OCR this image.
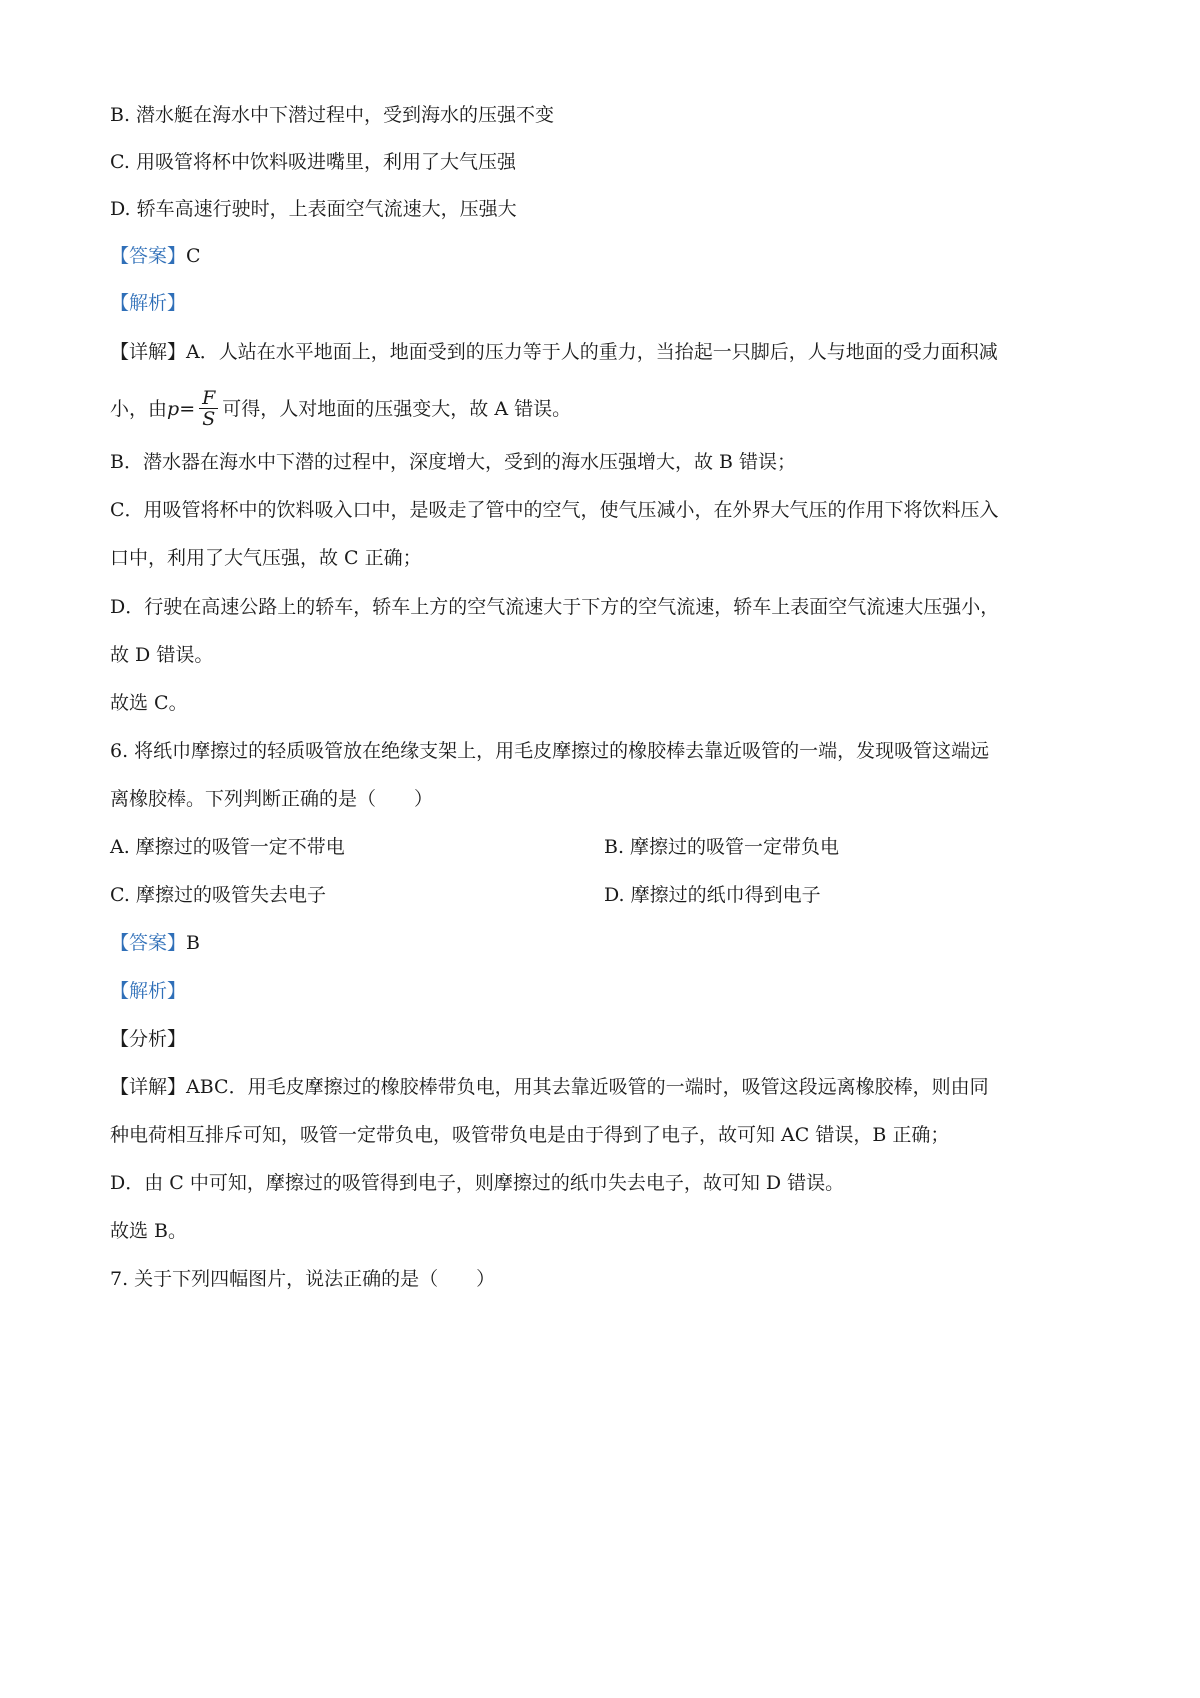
B. 潜水艇在海水中下潜过程中，受到海水的压强不变
C. 用吸管将杯中饮料吸进嘴里，利用了大气压强
D. 轿车高速行驶时，上表面空气流速大，压强大
【答案】C
【解析】
【详解】A．人站在水平地面上，地面受到的压力等于人的重力，当抬起一只脚后，人与地面的受力面积减
小，由$p= \frac{F}{S}$ 可得，人对地面的压强变大，故 A 错误。
B．潜水器在海水中下潜的过程中，深度增大，受到的海水压强增大，故 B 错误；
C．用吸管将杯中的饮料吸入口中，是吸走了管中的空气，使气压减小，在外界大气压的作用下将饮料压入
口中，利用了大气压强，故 C 正确；
D．行驶在高速公路上的轿车，轿车上方的空气流速大于下方的空气流速，轿车上表面空气流速大压强小，
故 D 错误。
故选 C。
6. 将纸巾摩擦过的轻质吸管放在绝缘支架上，用毛皮摩擦过的橡胶棒去靠近吸管的一端，发现吸管这端远
离橡胶棒。下列判断正确的是（　　）
A. 摩擦过的吸管一定不带电	B. 摩擦过的吸管一定带负电
C. 摩擦过的吸管失去电子	D. 摩擦过的纸巾得到电子
【答案】B
【解析】
【分析】
【详解】ABC．用毛皮摩擦过的橡胶棒带负电，用其去靠近吸管的一端时，吸管这段远离橡胶棒，则由同
种电荷相互排斥可知，吸管一定带负电，吸管带负电是由于得到了电子，故可知 AC 错误，B 正确；
D．由 C 中可知，摩擦过的吸管得到电子，则摩擦过的纸巾失去电子，故可知 D 错误。
故选 B。
7. 关于下列四幅图片，说法正确的是（　　）
